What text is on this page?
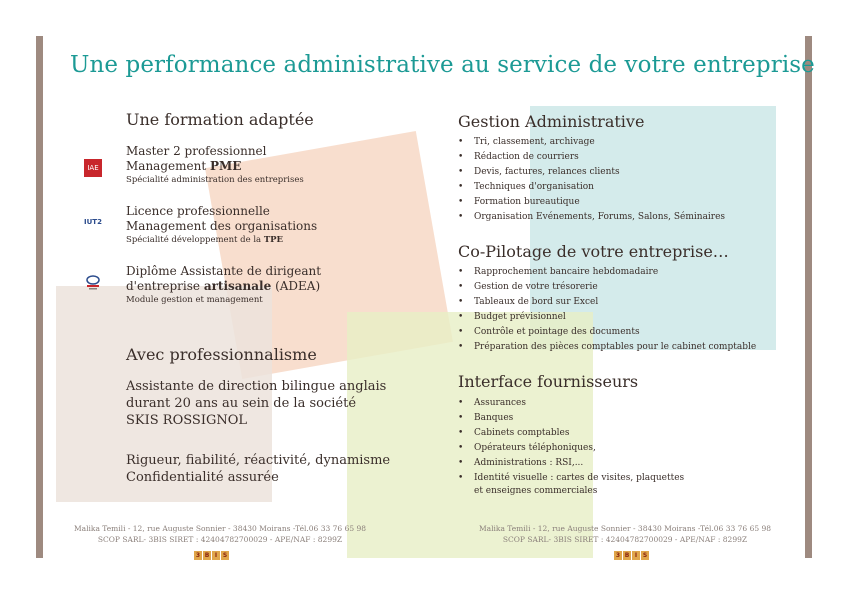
Une performance administrative au service de votre entreprise
Une formation adaptée
IAE
Master 2 professionnel
Management PME
Spécialité administration des entreprises
IUT2
Licence professionnelle
Management des organisations
Spécialité développement de la TPE
Diplôme Assistante de dirigeant
d'entreprise artisanale (ADEA)
Module gestion et management
Avec professionnalisme
Assistante de direction bilingue anglais
durant 20 ans au sein de la société
SKIS ROSSIGNOL
Rigueur, fiabilité, réactivité, dynamisme
Confidentialité assurée
Gestion Administrative
• Tri, classement, archivage
• Rédaction de courriers
• Devis, factures, relances clients
• Techniques d'organisation
• Formation bureautique
• Organisation Evénements, Forums, Salons, Séminaires
Co-Pilotage de votre entreprise…
• Rapprochement bancaire hebdomadaire
• Gestion de votre trésorerie
• Tableaux de bord sur Excel
• Budget prévisionnel
• Contrôle et pointage des documents
• Préparation des pièces comptables pour le cabinet comptable
Interface fournisseurs
• Assurances
• Banques
• Cabinets comptables
• Opérateurs téléphoniques,
• Administrations : RSI,...
• Identité visuelle : cartes de visites, plaquettes
et enseignes commerciales
Malika Temili - 12, rue Auguste Sonnier - 38430 Moirans -Tél.06 33 76 65 98
SCOP SARL- 3BIS SIRET : 42404782700029 - APE/NAF : 8299Z
3 B I S
Malika Temili - 12, rue Auguste Sonnier - 38430 Moirans -Tél.06 33 76 65 98
SCOP SARL- 3BIS SIRET : 42404782700029 - APE/NAF : 8299Z
3 B I S
